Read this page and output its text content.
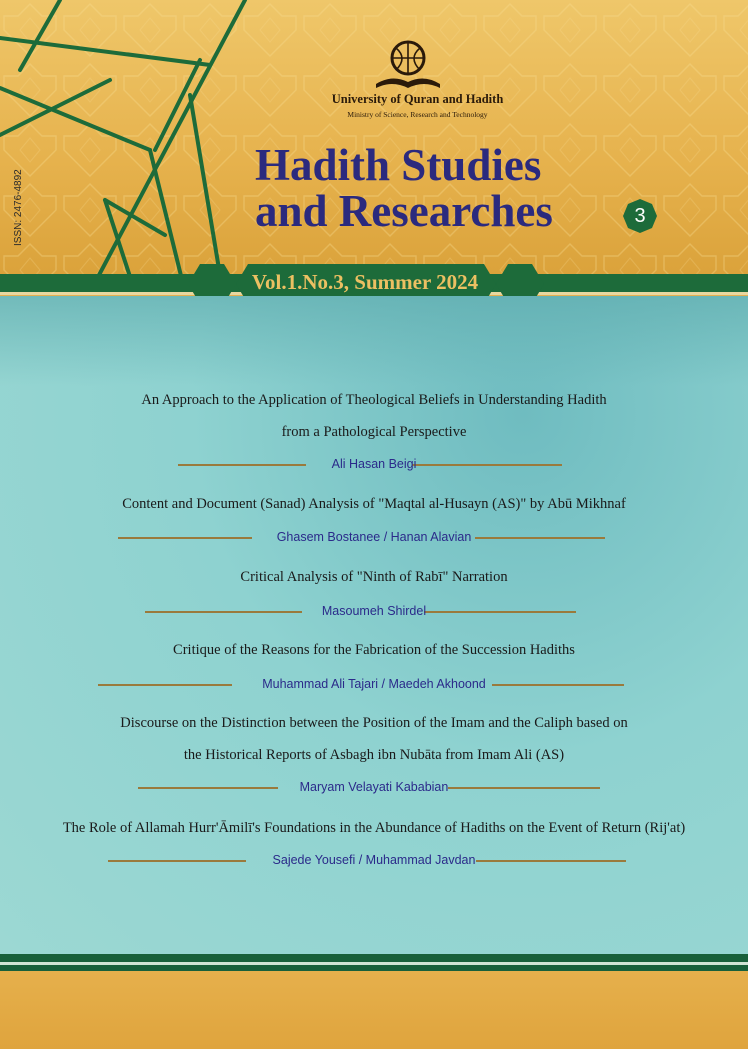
University of Quran and Hadith
Ministry of Science, Research and Technology
ISSN: 2476-4892
Hadith Studies
and Researches	3
Vol.1.No.3, Summer 2024
An Approach to the Application of Theological Beliefs in Understanding Hadith
from a Pathological Perspective
Ali Hasan Beigi
Content and Document (Sanad) Analysis of "Maqtal al-Husayn (AS)" by Abū Mikhnaf
Ghasem Bostanee / Hanan Alavian
Critical Analysis of "Ninth of Rabī" Narration
Masoumeh Shirdel
Critique of the Reasons for the Fabrication of the Succession Hadiths
Muhammad Ali Tajari / Maedeh Akhoond
Discourse on the Distinction between the Position of the Imam and the Caliph based on
the Historical Reports of Asbagh ibn Nubāta from Imam Ali (AS)
Maryam Velayati Kababian
The Role of Allamah Hurr'Āmilī's Foundations in the Abundance of Hadiths on the Event of Return (Rij'at)
Sajede Yousefi / Muhammad Javdan
